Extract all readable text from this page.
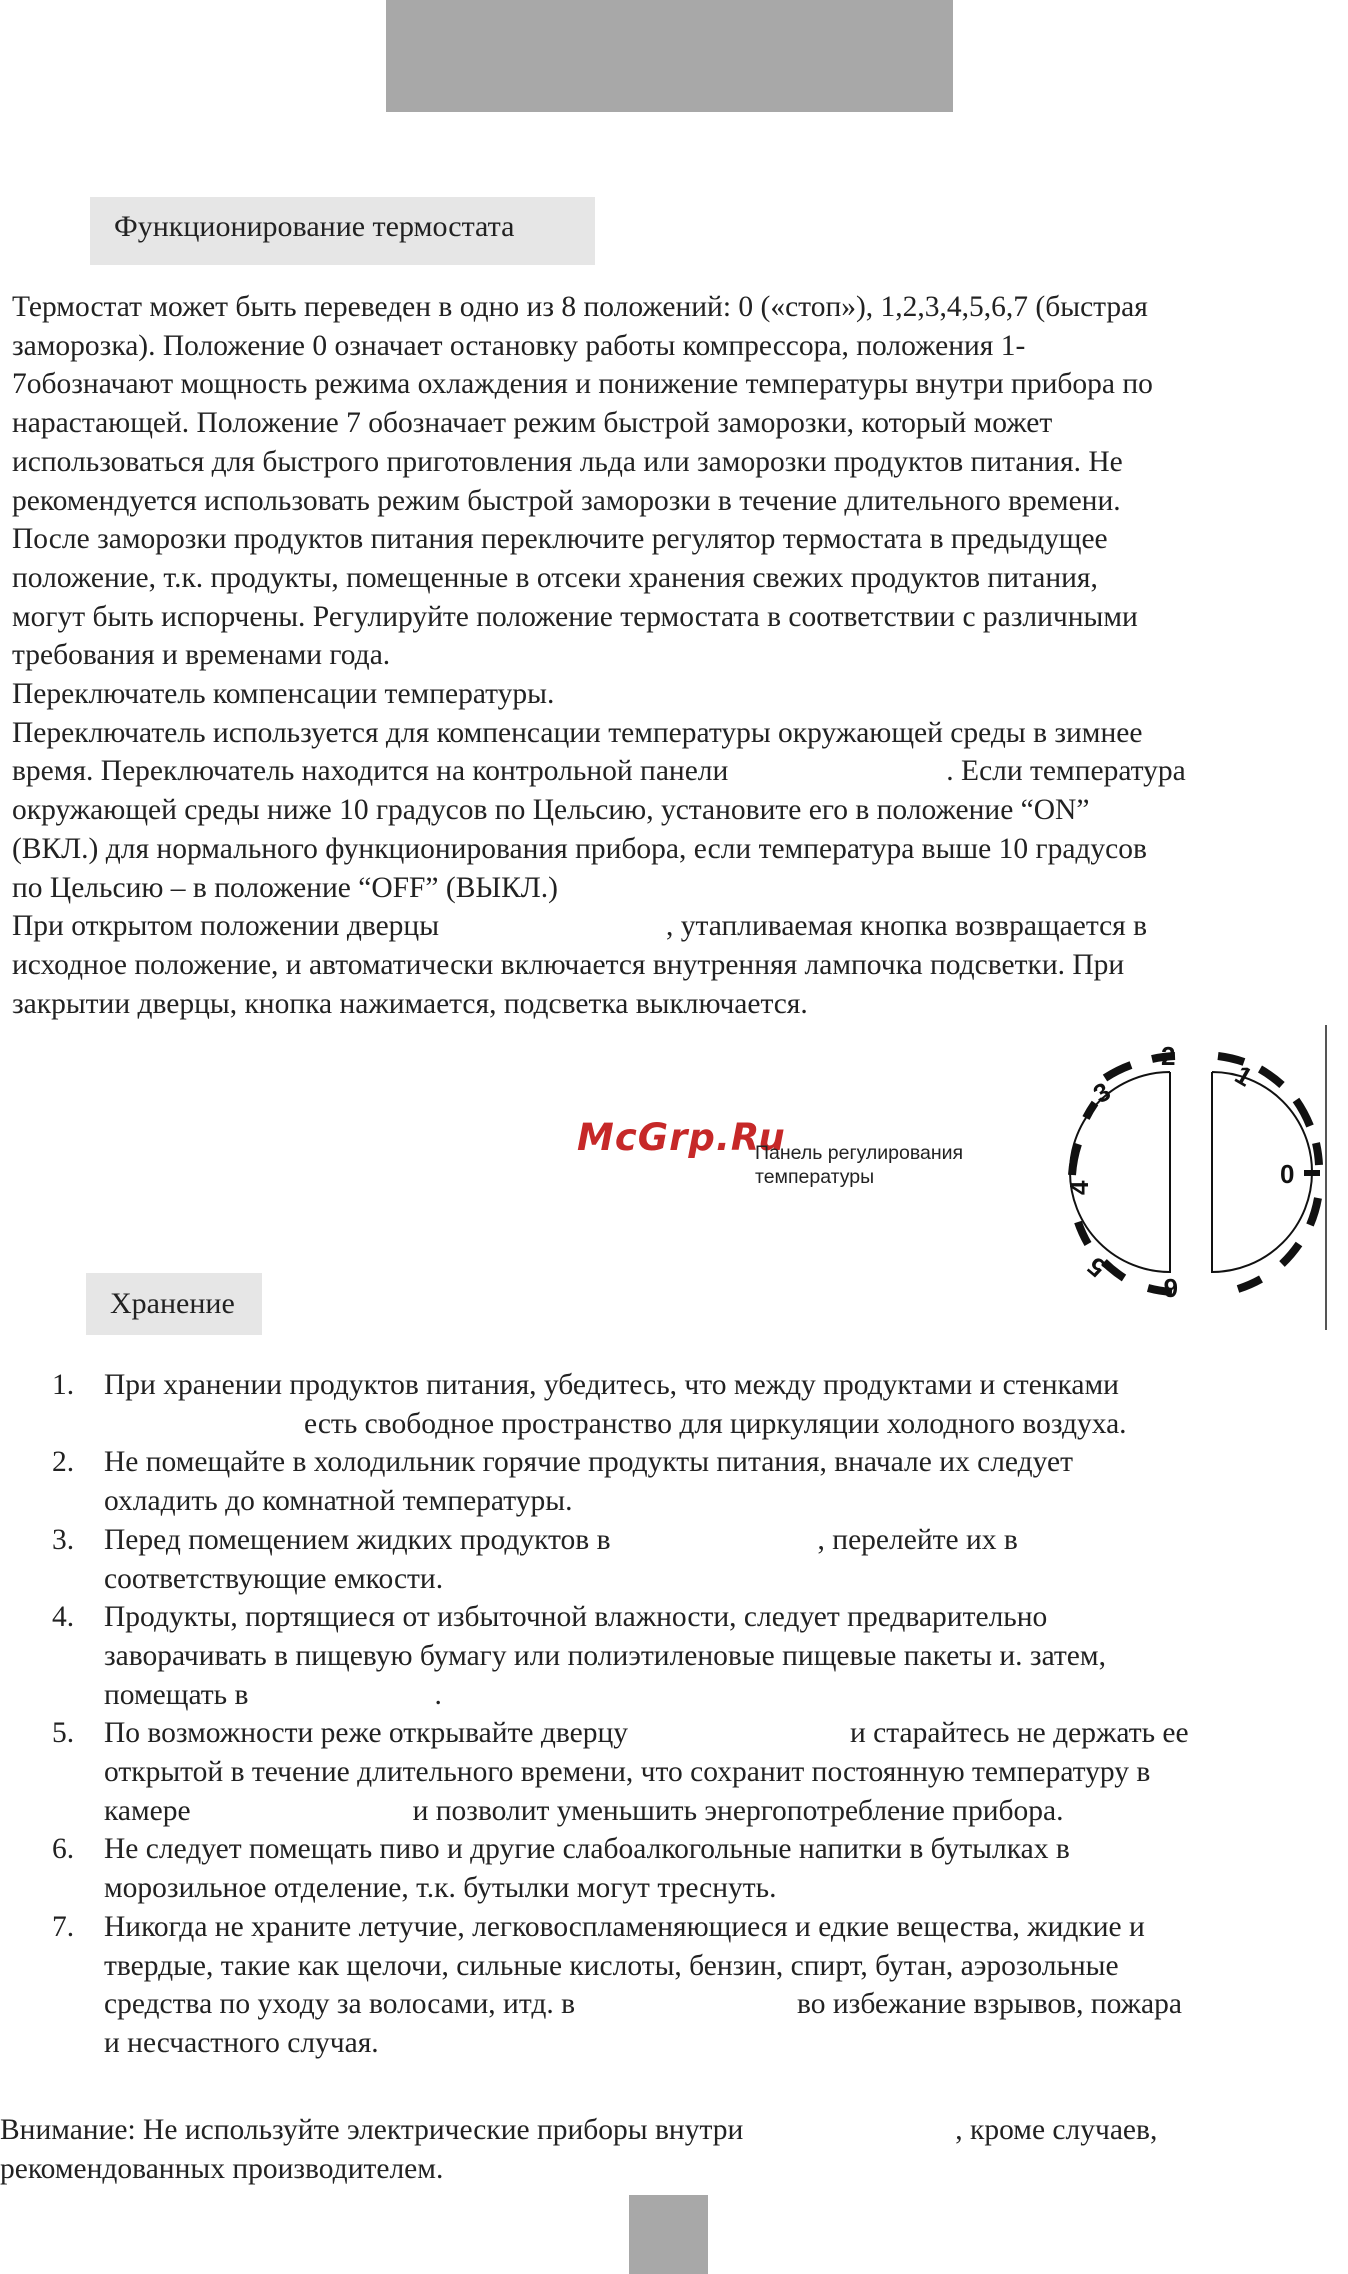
Функционирование термостата
Термостат может быть переведен в одно из 8 положений: 0 («стоп»), 1,2,3,4,5,6,7 (быстрая
заморозка). Положение 0 означает остановку работы компрессора, положения 1-
7обозначают мощность режима охлаждения и понижение температуры внутри прибора по
нарастающей. Положение 7 обозначает режим быстрой заморозки, который может
использоваться для быстрого приготовления льда или заморозки продуктов питания. Не
рекомендуется использовать режим быстрой заморозки в течение длительного времени.
После заморозки продуктов питания переключите регулятор термостата в предыдущее
положение, т.к. продукты, помещенные в отсеки хранения свежих продуктов питания,
могут быть испорчены. Регулируйте положение термостата в соответствии с различными
требования и временами года.
Переключатель компенсации температуры.
Переключатель используется для компенсации температуры окружающей среды в зимнее
время. Переключатель находится на контрольной панели	. Если температура
окружающей среды ниже 10 градусов по Цельсию, установите его в положение “ON”
(ВКЛ.) для нормального функционирования прибора, если температура выше 10 градусов
по Цельсию – в положение “OFF” (ВЫКЛ.)
При открытом положении дверцы	, утапливаемая кнопка возвращается в
исходное положение, и автоматически включается внутренняя лампочка подсветки. При
закрытии дверцы, кнопка нажимается, подсветка выключается.
McGrp.Ru
Панель регулирования
температуры
2
1
0
3
4
5
6
Хранение
1. При хранении продуктов питания, убедитесь, что между продуктами и стенками
есть свободное пространство для циркуляции холодного воздуха.
2. Не помещайте в холодильник горячие продукты питания, вначале их следует
охладить до комнатной температуры.
3. Перед помещением жидких продуктов в	, перелейте их в
соответствующие емкости.
4. Продукты, портящиеся от избыточной влажности, следует предварительно
заворачивать в пищевую бумагу или полиэтиленовые пищевые пакеты и. затем,
помещать в	.
5. По возможности реже открывайте дверцу	и старайтесь не держать ее
открытой в течение длительного времени, что сохранит постоянную температуру в
камере	и позволит уменьшить энергопотребление прибора.
6. Не следует помещать пиво и другие слабоалкогольные напитки в бутылках в
морозильное отделение, т.к. бутылки могут треснуть.
7. Никогда не храните летучие, легковоспламеняющиеся и едкие вещества, жидкие и
твердые, такие как щелочи, сильные кислоты, бензин, спирт, бутан, аэрозольные
средства по уходу за волосами, итд. в	во избежание взрывов, пожара
и несчастного случая.
Внимание: Не используйте электрические приборы внутри	, кроме случаев,
рекомендованных производителем.
